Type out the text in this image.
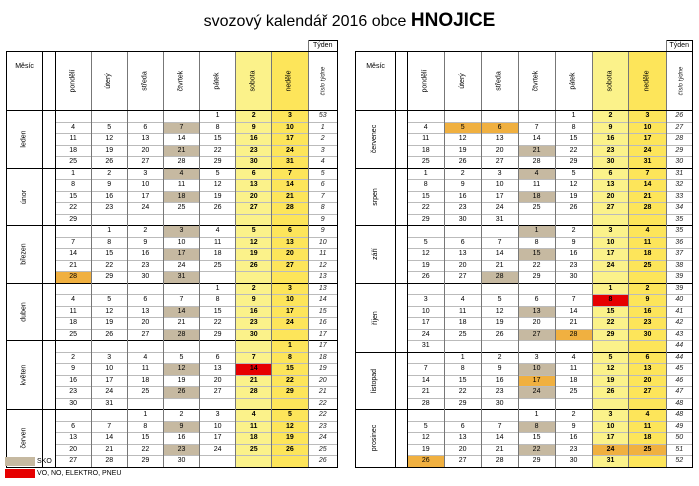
svozový kalendář 2016 obce HNOJICE
									Týden
Měsíc		pondělí	úterý	středa	čtvrtek	pátek	sobota	neděle	číslo týdne
leden						1	2	3	53
		4	5	6	7	8	9	10	1
		11	12	13	14	15	16	17	2
		18	19	20	21	22	23	24	3
		25	26	27	28	29	30	31	4
únor		1	2	3	4	5	6	7	5
		8	9	10	11	12	13	14	6
		15	16	17	18	19	20	21	7
		22	23	24	25	26	27	28	8
		29							9
březen			1	2	3	4	5	6	9
		7	8	9	10	11	12	13	10
		14	15	16	17	18	19	20	11
		21	22	23	24	25	26	27	12
		28	29	30	31				13
duben						1	2	3	13
		4	5	6	7	8	9	10	14
		11	12	13	14	15	16	17	15
		18	19	20	21	22	23	24	16
		25	26	27	28	29	30		17
květen								1	17
		2	3	4	5	6	7	8	18
		9	10	11	12	13	14	15	19
		16	17	18	19	20	21	22	20
		23	24	25	26	27	28	29	21
		30	31						22
červen				1	2	3	4	5	22
		6	7	8	9	10	11	12	23
		13	14	15	16	17	18	19	24
		20	21	22	23	24	25	26	25
		27	28	29	30				26
									Týden
Měsíc		pondělí	úterý	středa	čtvrtek	pátek	sobota	neděle	číslo týdne
červenec						1	2	3	26
		4	5	6	7	8	9	10	27
		11	12	13	14	15	16	17	28
		18	19	20	21	22	23	24	29
		25	26	27	28	29	30	31	30
srpen		1	2	3	4	5	6	7	31
		8	9	10	11	12	13	14	32
		15	16	17	18	19	20	21	33
		22	23	24	25	26	27	28	34
		29	30	31					35
září					1	2	3	4	35
		5	6	7	8	9	10	11	36
		12	13	14	15	16	17	18	37
		19	20	21	22	23	24	25	38
		26	27	28	29	30			39
říjen							1	2	39
		3	4	5	6	7	8	9	40
		10	11	12	13	14	15	16	41
		17	18	19	20	21	22	23	42
		24	25	26	27	28	29	30	43
		31							44
listopad			1	2	3	4	5	6	44
		7	8	9	10	11	12	13	45
		14	15	16	17	18	19	20	46
		21	22	23	24	25	26	27	47
		28	29	30					48
prosinec					1	2	3	4	48
		5	6	7	8	9	10	11	49
		12	13	14	15	16	17	18	50
		19	20	21	22	23	24	25	51
		26	27	28	29	30	31		52
SKO
VO, NO, ELEKTRO, PNEU
